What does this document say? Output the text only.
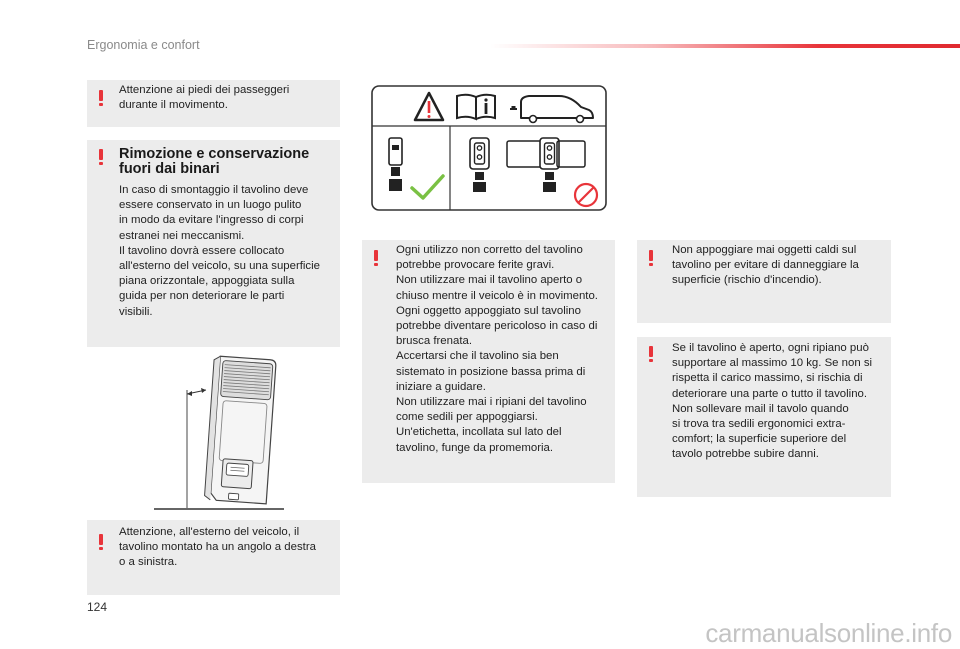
Ergonomia e confort
Attenzione ai piedi dei passeggeri
durante il movimento.
Rimozione e conservazione
fuori dai binari
In caso di smontaggio il tavolino deve
essere conservato in un luogo pulito
in modo da evitare l'ingresso di corpi
estranei nei meccanismi.
Il tavolino dovrà essere collocato
all'esterno del veicolo, su una superficie
piana orizzontale, appoggiata sulla
guida per non deteriorare le parti
visibili.
Attenzione, all'esterno del veicolo, il
tavolino montato ha un angolo a destra
o a sinistra.
Ogni utilizzo non corretto del tavolino
potrebbe provocare ferite gravi.
Non utilizzare mai il tavolino aperto o
chiuso mentre il veicolo è in movimento.
Ogni oggetto appoggiato sul tavolino
potrebbe diventare pericoloso in caso di
brusca frenata.
Accertarsi che il tavolino sia ben
sistemato in posizione bassa prima di
iniziare a guidare.
Non utilizzare mai i ripiani del tavolino
come sedili per appoggiarsi.
Un'etichetta, incollata sul lato del
tavolino, funge da promemoria.
Non appoggiare mai oggetti caldi sul
tavolino per evitare di danneggiare la
superficie (rischio d'incendio).
Se il tavolino è aperto, ogni ripiano può
supportare al massimo 10 kg. Se non si
rispetta il carico massimo, si rischia di
deteriorare una parte o tutto il tavolino.
Non sollevare mail il tavolo quando
si trova tra sedili ergonomici extra-
comfort; la superficie superiore del
tavolo potrebbe subire danni.
124
carmanualsonline.info
